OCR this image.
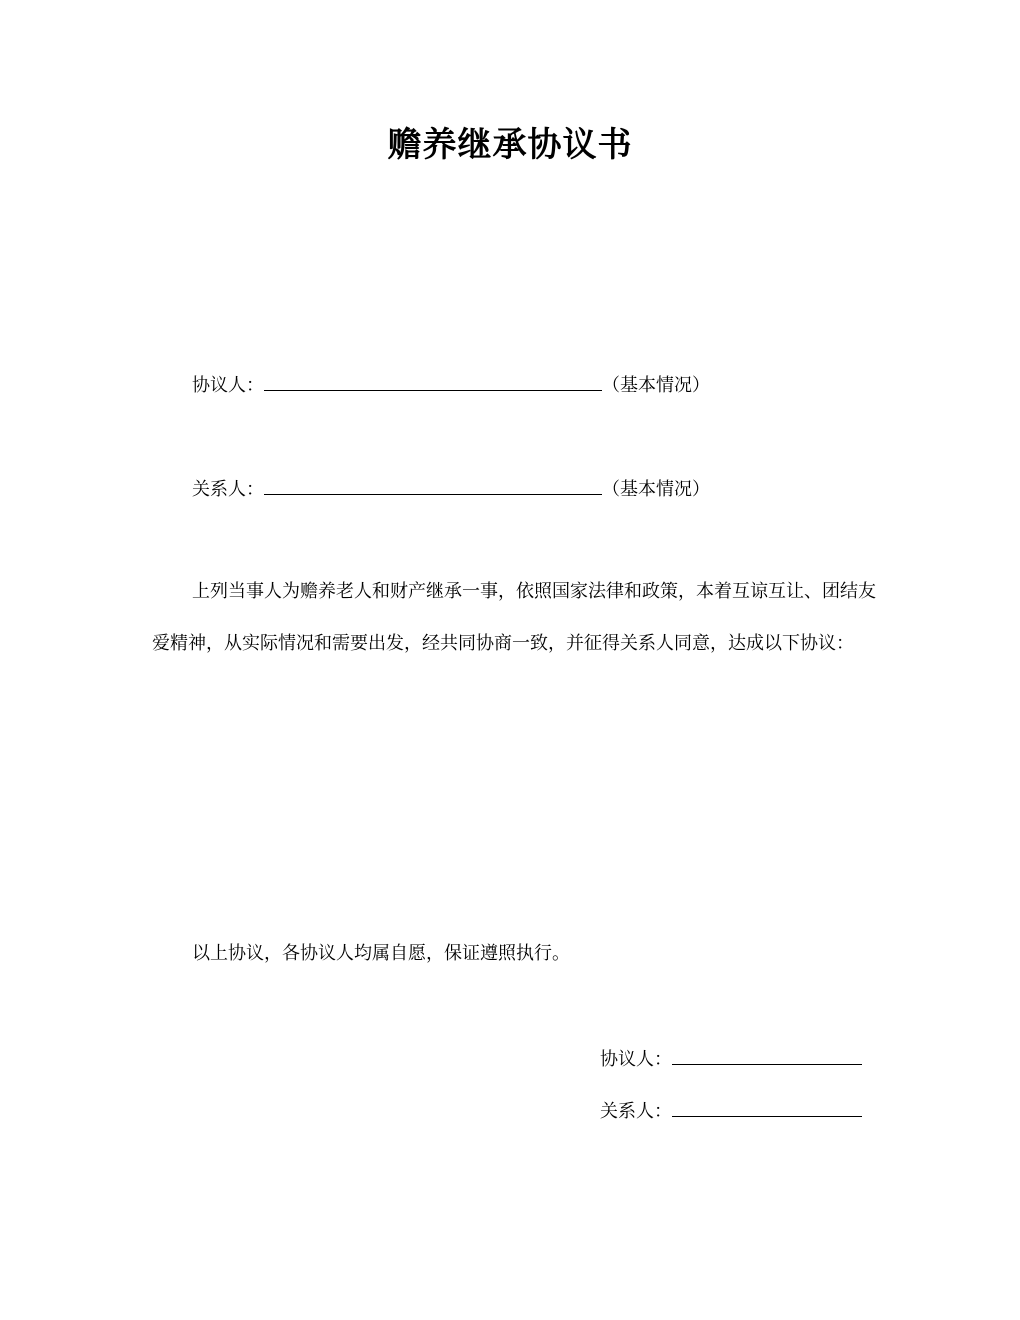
赡养继承协议书
协议人：	（基本情况）
关系人：	（基本情况）

上列当事人为赡养老人和财产继承一事，依照国家法律和政策，本着互谅互让、团结友爱精神，从实际情况和需要出发，经共同协商一致，并征得关系人同意，达成以下协议：

以上协议，各协议人均属自愿，保证遵照执行。

协议人：
关系人：
